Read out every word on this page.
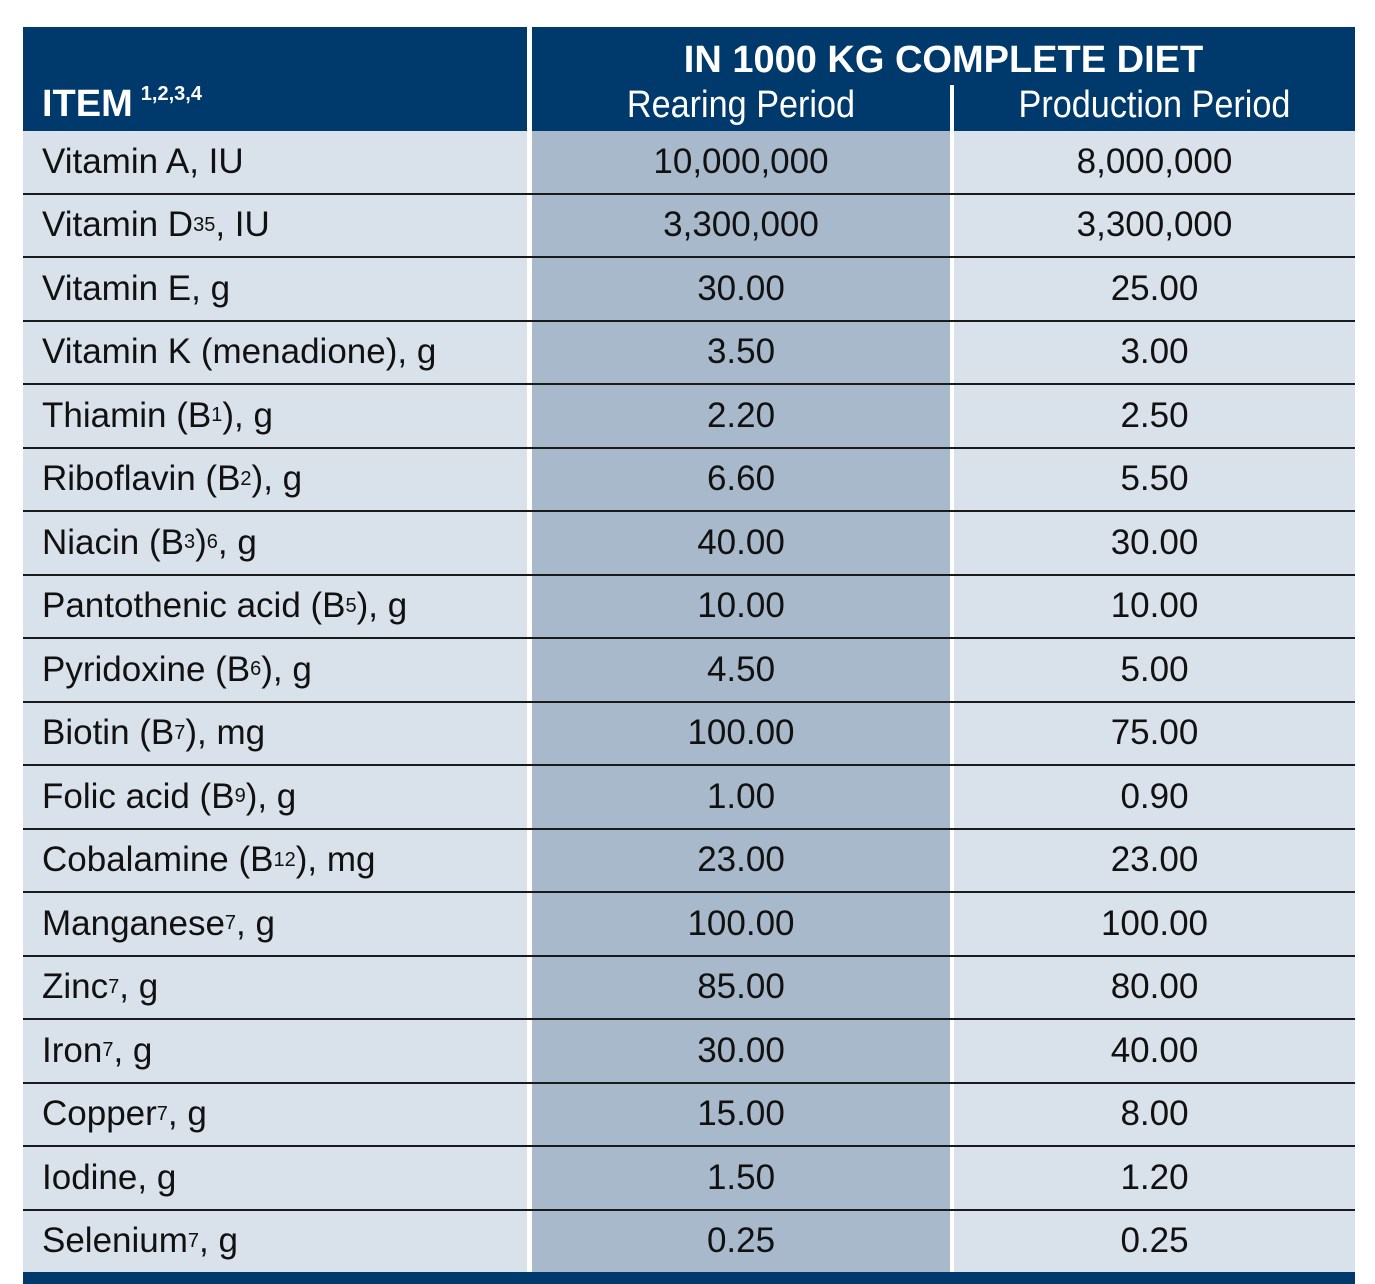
ITEM $^{1,2,3,4}$
IN 1000 KG COMPLETE DIET
Rearing Period	Production Period
Vitamin A , IU	10,000,000	8,000,000
Vitamin D 3 5 , IU	3,300,000	3,300,000
Vitamin E , g	30.00	25.00
Vitamin K (menadione) , g	3.50	3.00
Thiamin (B 1 ), g	2.20	2.50
Riboflavin (B 2 ), g	6.60	5.50
Niacin (B 3 ) 6 , g	40.00	30.00
Pantothenic acid (B 5 ), g	10.00	10.00
Pyridoxine (B 6 ), g	4.50	5.00
Biotin (B 7 ), mg	100.00	75.00
Folic acid (B 9 ), g	1.00	0.90
Cobalamine (B 12 ), mg	23.00	23.00
Manganese 7 , g	100.00	100.00
Zinc 7 , g	85.00	80.00
Iron 7 , g	30.00	40.00
Copper 7 , g	15.00	8.00
Iodine , g	1.50	1.20
Selenium 7 , g	0.25	0.25
